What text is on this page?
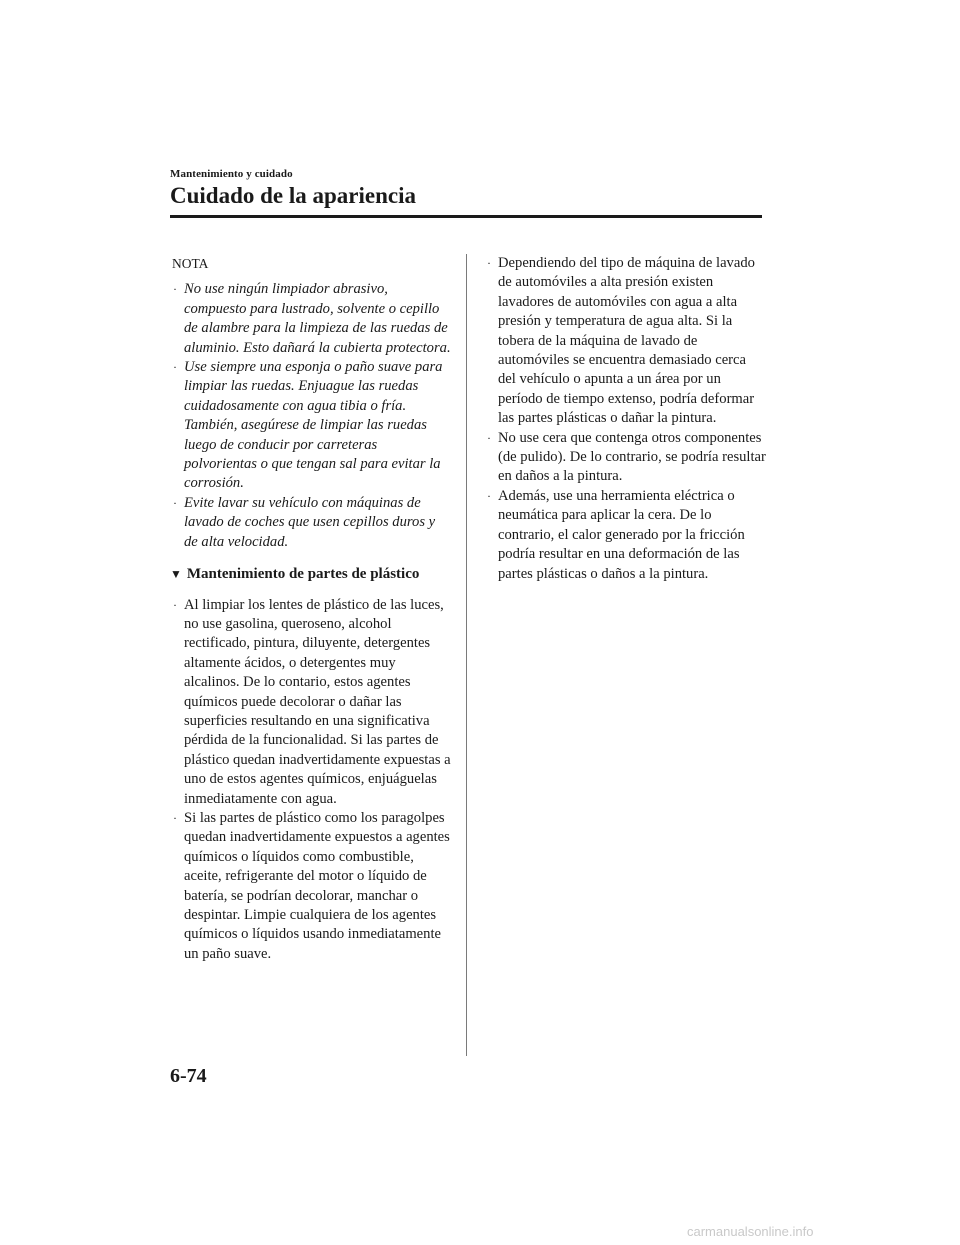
Mantenimiento y cuidado
Cuidado de la apariencia
NOTA
· No use ningún limpiador abrasivo, compuesto para lustrado, solvente o cepillo de alambre para la limpieza de las ruedas de aluminio. Esto dañará la cubierta protectora.
· Use siempre una esponja o paño suave para limpiar las ruedas. Enjuague las ruedas cuidadosamente con agua tibia o fría. También, asegúrese de limpiar las ruedas luego de conducir por carreteras polvorientas o que tengan sal para evitar la corrosión.
· Evite lavar su vehículo con máquinas de lavado de coches que usen cepillos duros y de alta velocidad.
▼ Mantenimiento de partes de plástico
· Al limpiar los lentes de plástico de las luces, no use gasolina, queroseno, alcohol rectificado, pintura, diluyente, detergentes altamente ácidos, o detergentes muy alcalinos. De lo contario, estos agentes químicos puede decolorar o dañar las superficies resultando en una significativa pérdida de la funcionalidad. Si las partes de plástico quedan inadvertidamente expuestas a uno de estos agentes químicos, enjuáguelas inmediatamente con agua.
· Si las partes de plástico como los paragolpes quedan inadvertidamente expuestos a agentes químicos o líquidos como combustible, aceite, refrigerante del motor o líquido de batería, se podrían decolorar, manchar o despintar. Limpie cualquiera de los agentes químicos o líquidos usando inmediatamente un paño suave.
· Dependiendo del tipo de máquina de lavado de automóviles a alta presión existen lavadores de automóviles con agua a alta presión y temperatura de agua alta. Si la tobera de la máquina de lavado de automóviles se encuentra demasiado cerca del vehículo o apunta a un área por un período de tiempo extenso, podría deformar las partes plásticas o dañar la pintura.
· No use cera que contenga otros componentes (de pulido). De lo contrario, se podría resultar en daños a la pintura.
· Además, use una herramienta eléctrica o neumática para aplicar la cera. De lo contrario, el calor generado por la fricción podría resultar en una deformación de las partes plásticas o daños a la pintura.
6-74
carmanualsonline.info
